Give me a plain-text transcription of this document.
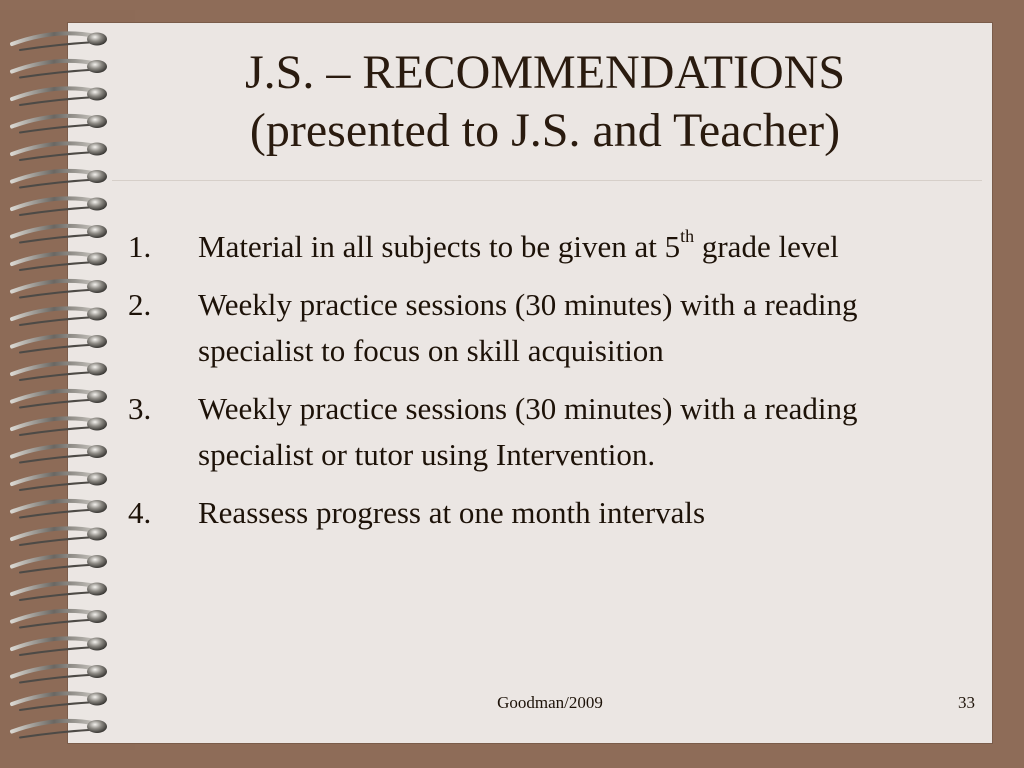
J.S. – RECOMMENDATIONS
(presented to J.S. and Teacher)
1. Material in all subjects to be given at 5th grade level
2. Weekly practice sessions (30 minutes) with a reading specialist to focus on skill acquisition
3. Weekly practice sessions (30 minutes) with a reading specialist or tutor using Intervention.
4. Reassess progress at one month intervals
Goodman/2009	33
